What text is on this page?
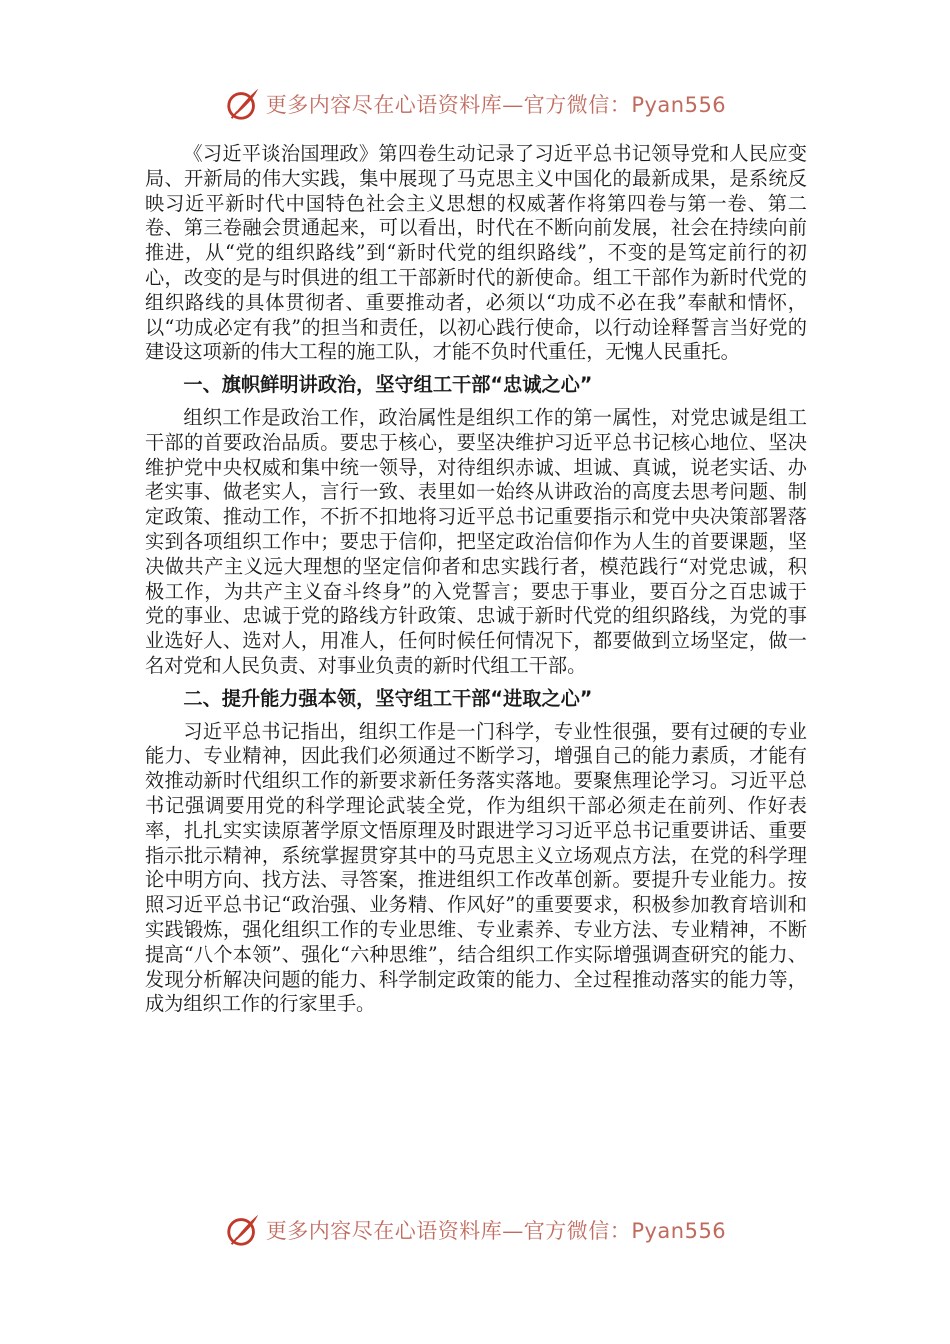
更多内容尽在心语资料库—官方微信：Pyan556

《习近平谈治国理政》第四卷生动记录了习近平总书记领导党和人民应变局、开新局的伟大实践，集中展现了马克思主义中国化的最新成果，是系统反映习近平新时代中国特色社会主义思想的权威著作将第四卷与第一卷、第二卷、第三卷融会贯通起来，可以看出，时代在不断向前发展，社会在持续向前推进，从“党的组织路线”到“新时代党的组织路线”，不变的是笃定前行的初心，改变的是与时俱进的组工干部新时代的新使命。组工干部作为新时代党的组织路线的具体贯彻者、重要推动者，必须以“功成不必在我”奉献和情怀，以“功成必定有我”的担当和责任，以初心践行使命，以行动诠释誓言当好党的建设这项新的伟大工程的施工队，才能不负时代重任，无愧人民重托。

一、旗帜鲜明讲政治，坚守组工干部“忠诚之心”

组织工作是政治工作，政治属性是组织工作的第一属性，对党忠诚是组工干部的首要政治品质。要忠于核心，要坚决维护习近平总书记核心地位、坚决维护党中央权威和集中统一领导，对待组织赤诚、坦诚、真诚，说老实话、办老实事、做老实人，言行一致、表里如一始终从讲政治的高度去思考问题、制定政策、推动工作，不折不扣地将习近平总书记重要指示和党中央决策部署落实到各项组织工作中；要忠于信仰，把坚定政治信仰作为人生的首要课题，坚决做共产主义远大理想的坚定信仰者和忠实践行者，模范践行“对党忠诚，积极工作，为共产主义奋斗终身”的入党誓言；要忠于事业，要百分之百忠诚于党的事业、忠诚于党的路线方针政策、忠诚于新时代党的组织路线，为党的事业选好人、选对人，用准人，任何时候任何情况下，都要做到立场坚定，做一名对党和人民负责、对事业负责的新时代组工干部。

二、提升能力强本领，坚守组工干部“进取之心”

习近平总书记指出，组织工作是一门科学，专业性很强，要有过硬的专业能力、专业精神，因此我们必须通过不断学习，增强自己的能力素质，才能有效推动新时代组织工作的新要求新任务落实落地。要聚焦理论学习。习近平总书记强调要用党的科学理论武装全党，作为组织干部必须走在前列、作好表率，扎扎实实读原著学原文悟原理及时跟进学习习近平总书记重要讲话、重要指示批示精神，系统掌握贯穿其中的马克思主义立场观点方法，在党的科学理论中明方向、找方法、寻答案，推进组织工作改革创新。要提升专业能力。按照习近平总书记“政治强、业务精、作风好”的重要要求，积极参加教育培训和实践锻炼，强化组织工作的专业思维、专业素养、专业方法、专业精神，不断提高“八个本领”、强化“六种思维”，结合组织工作实际增强调查研究的能力、发现分析解决问题的能力、科学制定政策的能力、全过程推动落实的能力等，成为组织工作的行家里手。

更多内容尽在心语资料库—官方微信：Pyan556
